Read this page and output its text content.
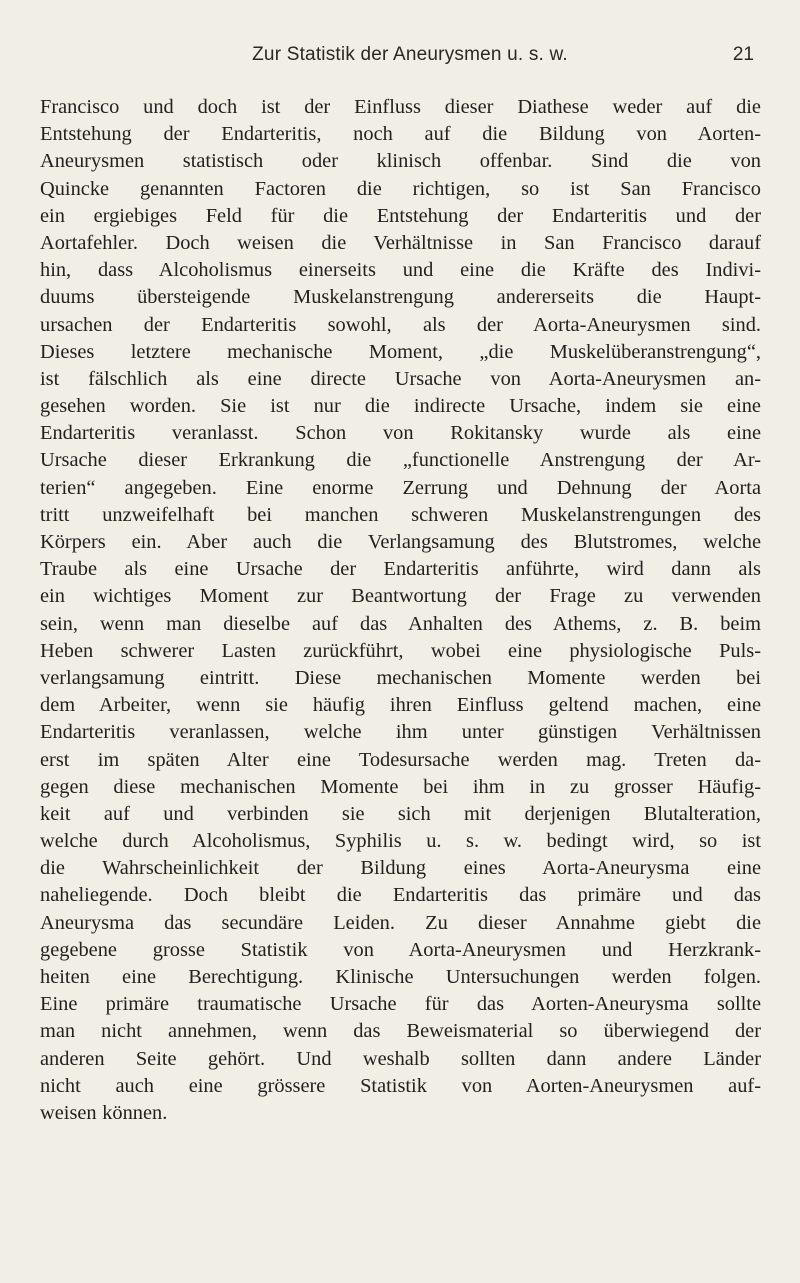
Zur Statistik der Aneurysmen u. s. w.	21
Francisco und doch ist der Einfluss dieser Diathese weder auf die
Entstehung der Endarteritis, noch auf die Bildung von Aorten-
Aneurysmen statistisch oder klinisch offenbar. Sind die von
Quincke genannten Factoren die richtigen, so ist San Francisco
ein ergiebiges Feld für die Entstehung der Endarteritis und der
Aortafehler. Doch weisen die Verhältnisse in San Francisco darauf
hin, dass Alcoholismus einerseits und eine die Kräfte des Indivi-
duums übersteigende Muskelanstrengung andererseits die Haupt-
ursachen der Endarteritis sowohl, als der Aorta-Aneurysmen sind.
Dieses letztere mechanische Moment, „die Muskelüberanstrengung“,
ist fälschlich als eine directe Ursache von Aorta-Aneurysmen an-
gesehen worden. Sie ist nur die indirecte Ursache, indem sie eine
Endarteritis veranlasst. Schon von Rokitansky wurde als eine
Ursache dieser Erkrankung die „functionelle Anstrengung der Ar-
terien“ angegeben. Eine enorme Zerrung und Dehnung der Aorta
tritt unzweifelhaft bei manchen schweren Muskelanstrengungen des
Körpers ein. Aber auch die Verlangsamung des Blutstromes, welche
Traube als eine Ursache der Endarteritis anführte, wird dann als
ein wichtiges Moment zur Beantwortung der Frage zu verwenden
sein, wenn man dieselbe auf das Anhalten des Athems, z. B. beim
Heben schwerer Lasten zurückführt, wobei eine physiologische Puls-
verlangsamung eintritt. Diese mechanischen Momente werden bei
dem Arbeiter, wenn sie häufig ihren Einfluss geltend machen, eine
Endarteritis veranlassen, welche ihm unter günstigen Verhältnissen
erst im späten Alter eine Todesursache werden mag. Treten da-
gegen diese mechanischen Momente bei ihm in zu grosser Häufig-
keit auf und verbinden sie sich mit derjenigen Blutalteration,
welche durch Alcoholismus, Syphilis u. s. w. bedingt wird, so ist
die Wahrscheinlichkeit der Bildung eines Aorta-Aneurysma eine
naheliegende. Doch bleibt die Endarteritis das primäre und das
Aneurysma das secundäre Leiden. Zu dieser Annahme giebt die
gegebene grosse Statistik von Aorta-Aneurysmen und Herzkrank-
heiten eine Berechtigung. Klinische Untersuchungen werden folgen.
Eine primäre traumatische Ursache für das Aorten-Aneurysma sollte
man nicht annehmen, wenn das Beweismaterial so überwiegend der
anderen Seite gehört. Und weshalb sollten dann andere Länder
nicht auch eine grössere Statistik von Aorten-Aneurysmen auf-
weisen können.
